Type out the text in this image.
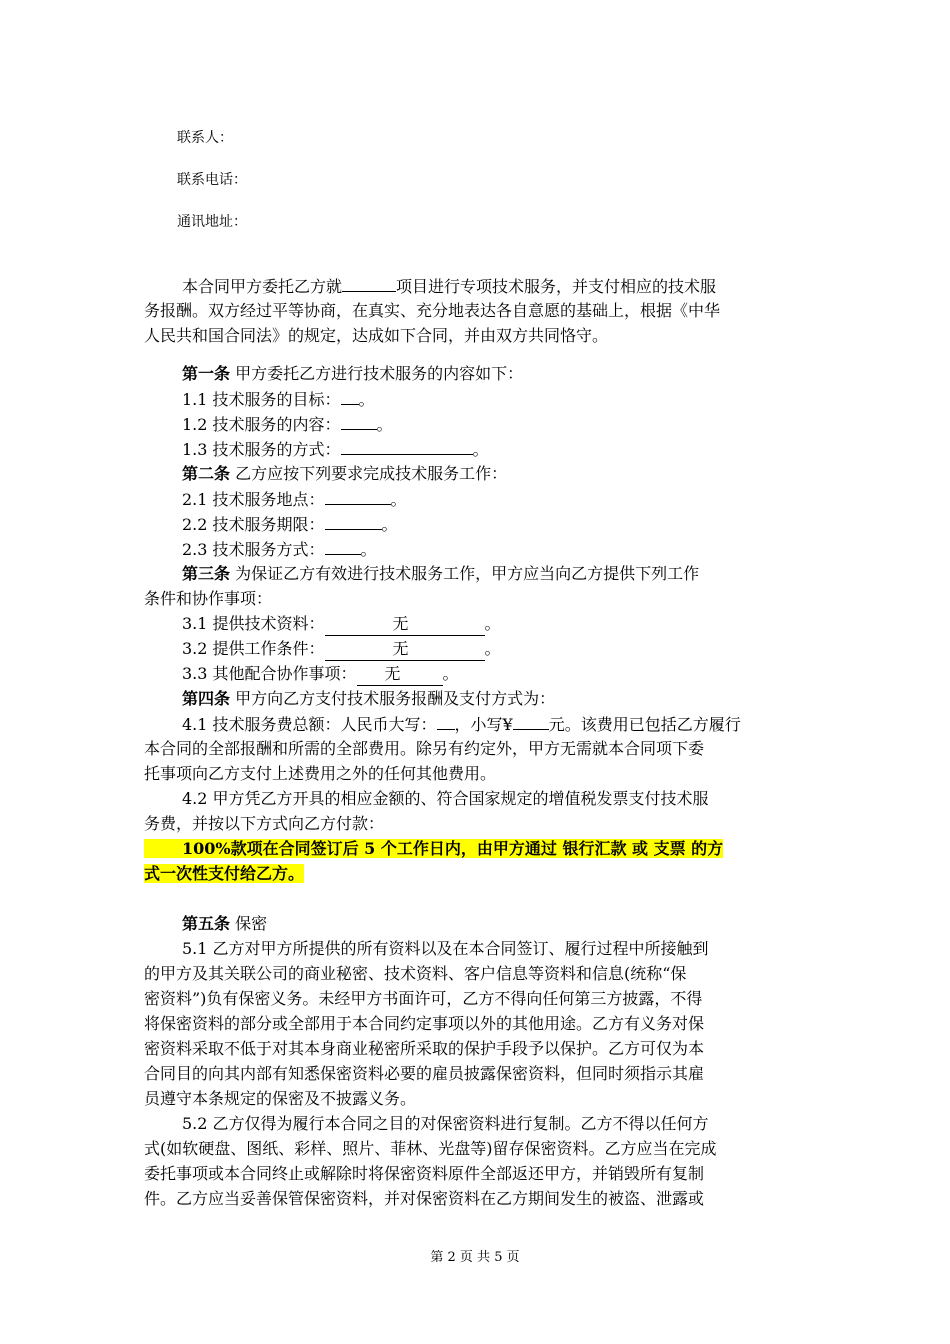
联系人：
联系电话：
通讯地址：
本合同甲方委托乙方就	项目进行专项技术服务，并支付相应的技术服
务报酬。双方经过平等协商，在真实、充分地表达各自意愿的基础上，根据《中华
人民共和国合同法》的规定，达成如下合同，并由双方共同恪守。
第一条 甲方委托乙方进行技术服务的内容如下：
1.1 技术服务的目标： 。
1.2 技术服务的内容： 。
1.3 技术服务的方式：	。
第二条 乙方应按下列要求完成技术服务工作：
2.1 技术服务地点：	。
2.2 技术服务期限：	。
2.3 技术服务方式： 。
第三条 为保证乙方有效进行技术服务工作，甲方应当向乙方提供下列工作
条件和协作事项：
3.1 提供技术资料：	无	。
3.2 提供工作条件：	无	。
3.3 其他配合协作事项： 无	。
第四条 甲方向乙方支付技术服务报酬及支付方式为：
4.1 技术服务费总额：人民币大写： ，小写¥ 元。该费用已包括乙方履行
本合同的全部报酬和所需的全部费用。除另有约定外，甲方无需就本合同项下委
托事项向乙方支付上述费用之外的任何其他费用。
4.2 甲方凭乙方开具的相应金额的、符合国家规定的增值税发票支付技术服
务费，并按以下方式向乙方付款：
100%款项在合同签订后 5 个工作日内，由甲方通过 银行汇款 或 支票 的方
式一次性支付给乙方。
第五条 保密
5.1 乙方对甲方所提供的所有资料以及在本合同签订、履行过程中所接触到
的甲方及其关联公司的商业秘密、技术资料、客户信息等资料和信息(统称“保
密资料”)负有保密义务。未经甲方书面许可，乙方不得向任何第三方披露，不得
将保密资料的部分或全部用于本合同约定事项以外的其他用途。乙方有义务对保
密资料采取不低于对其本身商业秘密所采取的保护手段予以保护。乙方可仅为本
合同目的向其内部有知悉保密资料必要的雇员披露保密资料，但同时须指示其雇
员遵守本条规定的保密及不披露义务。
5.2 乙方仅得为履行本合同之目的对保密资料进行复制。乙方不得以任何方
式(如软硬盘、图纸、彩样、照片、菲林、光盘等)留存保密资料。乙方应当在完成
委托事项或本合同终止或解除时将保密资料原件全部返还甲方，并销毁所有复制
件。乙方应当妥善保管保密资料，并对保密资料在乙方期间发生的被盗、泄露或
第 2 页 共 5 页
